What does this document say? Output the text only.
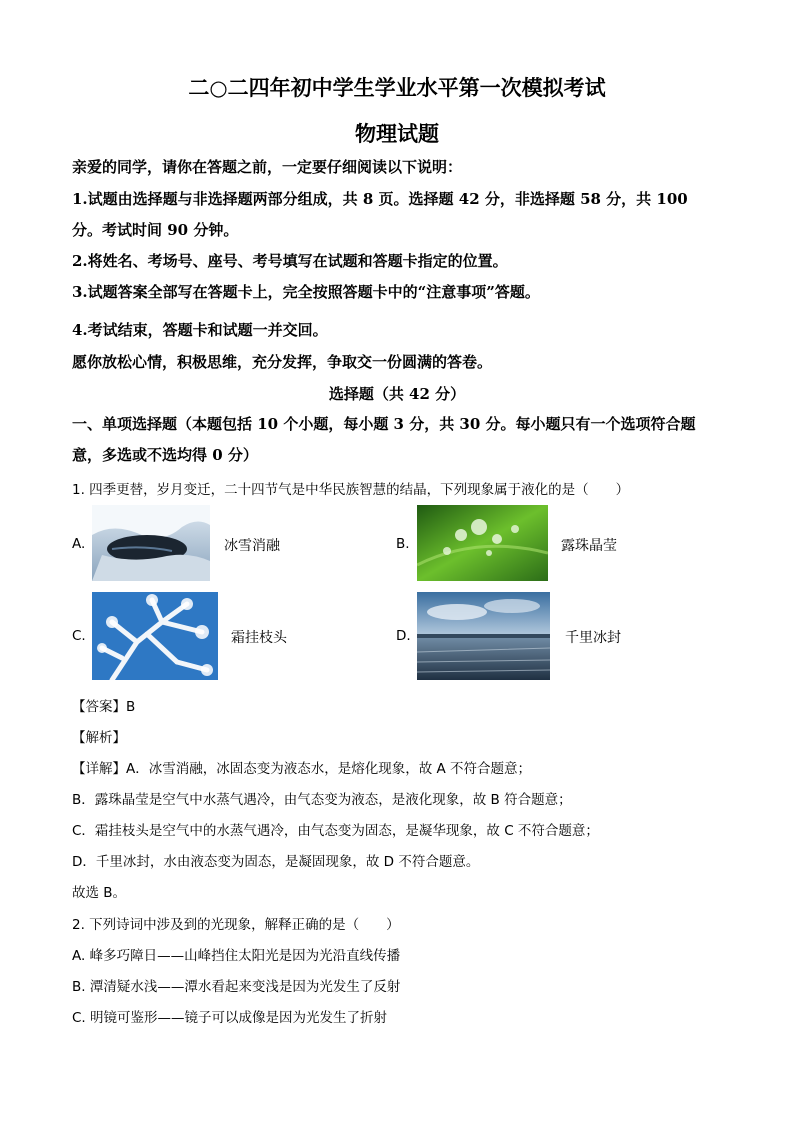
二○二四年初中学生学业水平第一次模拟考试
物理试题
亲爱的同学，请你在答题之前，一定要仔细阅读以下说明：
1.试题由选择题与非选择题两部分组成，共 8 页。选择题 42 分，非选择题 58 分，共 100
分。考试时间 90 分钟。
2.将姓名、考场号、座号、考号填写在试题和答题卡指定的位置。
3.试题答案全部写在答题卡上，完全按照答题卡中的“注意事项”答题。
4.考试结束，答题卡和试题一并交回。
愿你放松心情，积极思维，充分发挥，争取交一份圆满的答卷。
选择题（共 42 分）
一、单项选择题（本题包括 10 个小题，每小题 3 分，共 30 分。每小题只有一个选项符合题
意，多选或不选均得 0 分）
1. 四季更替，岁月变迁，二十四节气是中华民族智慧的结晶，下列现象属于液化的是（　　）
A.	冰雪消融	B.	露珠晶莹
C.	霜挂枝头	D.	千里冰封
【答案】B
【解析】
【详解】A．冰雪消融，冰固态变为液态水，是熔化现象，故 A 不符合题意；
B．露珠晶莹是空气中水蒸气遇冷，由气态变为液态，是液化现象，故 B 符合题意；
C．霜挂枝头是空气中的水蒸气遇冷，由气态变为固态，是凝华现象，故 C 不符合题意；
D．千里冰封，水由液态变为固态，是凝固现象，故 D 不符合题意。
故选 B。
2. 下列诗词中涉及到的光现象，解释正确的是（　　）
A. 峰多巧障日——山峰挡住太阳光是因为光沿直线传播
B. 潭清疑水浅——潭水看起来变浅是因为光发生了反射
C. 明镜可鉴形——镜子可以成像是因为光发生了折射
